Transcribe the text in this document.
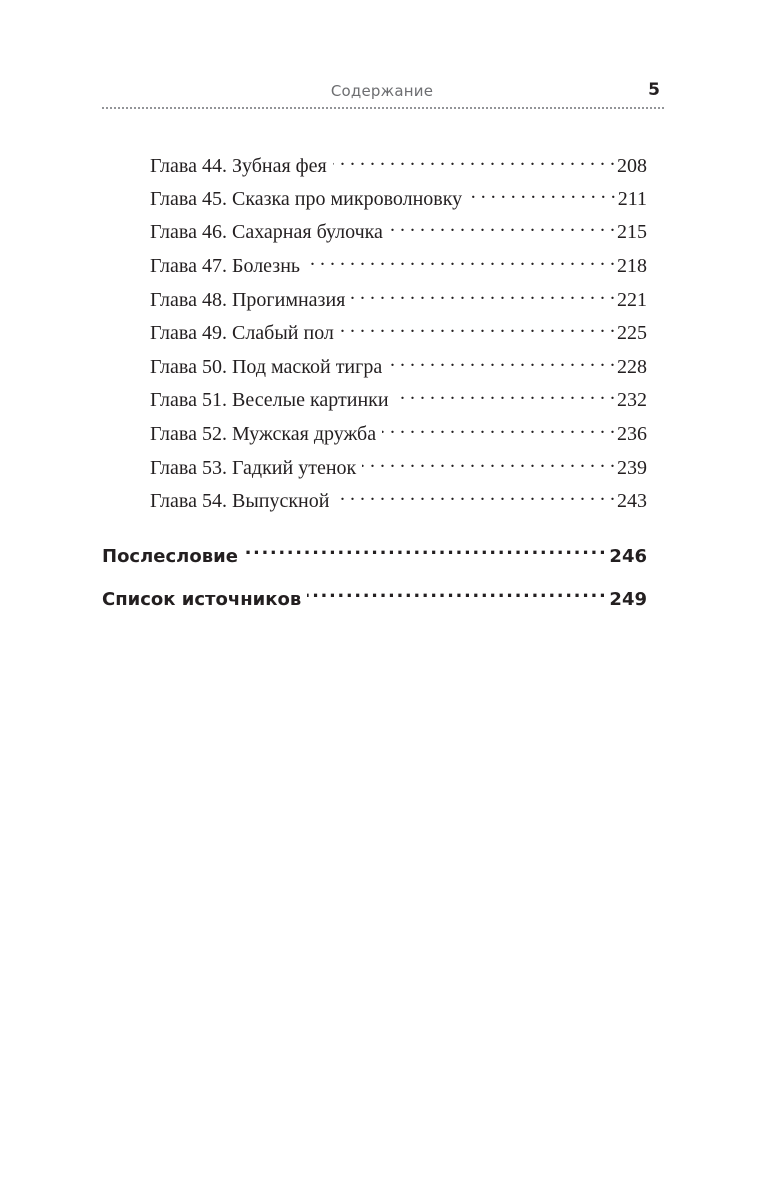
Содержание	5
Глава 44. Зубная фея . . .	208
Глава 45. Сказка про микроволновку . . .	211
Глава 46. Сахарная булочка . . .	215
Глава 47. Болезнь . . .	218
Глава 48. Прогимназия . . .	221
Глава 49. Слабый пол . . .	225
Глава 50. Под маской тигра . . .	228
Глава 51. Веселые картинки . . .	232
Глава 52. Мужская дружба . . .	236
Глава 53. Гадкий утенок . . .	239
Глава 54. Выпускной . . .	243
Послесловие .....	246
Список источников .....	249
